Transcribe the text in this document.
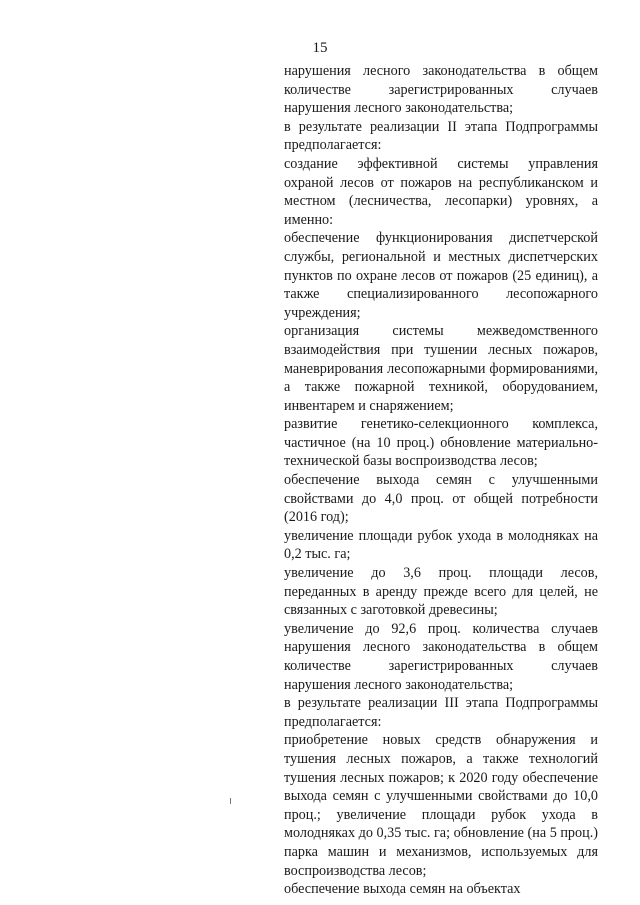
15

нарушения лесного законодательства в общем количестве зарегистрированных случаев нарушения лесного законодательства;

в результате реализации II этапа Подпрограммы предполагается:

создание эффективной системы управления охраной лесов от пожаров на республиканском и местном (лесничества, лесопарки) уровнях, а именно:

обеспечение функционирования диспетчерской службы, региональной и местных диспетчерских пунктов по охране лесов от пожаров (25 единиц), а также специализированного лесопожарного учреждения;

организация системы межведомственного взаимодействия при тушении лесных пожаров, маневрирования лесопожарными формированиями, а также пожарной техникой, оборудованием, инвентарем и снаряжением;

развитие генетико-селекционного комплекса, частичное (на 10 проц.) обновление материально-технической базы воспроизводства лесов;

обеспечение выхода семян с улучшенными свойствами до 4,0 проц. от общей потребности (2016 год);

увеличение площади рубок ухода в молодняках на 0,2 тыс. га;

увеличение до 3,6 проц. площади лесов, переданных в аренду прежде всего для целей, не связанных с заготовкой древесины;

увеличение до 92,6 проц. количества случаев нарушения лесного законодательства в общем количестве зарегистрированных случаев нарушения лесного законодательства;

в результате реализации III этапа Подпрограммы предполагается:

приобретение новых средств обнаружения и тушения лесных пожаров, а также технологий тушения лесных пожаров; к 2020 году обеспечение выхода семян с улучшенными свойствами до 10,0 проц.; увеличение площади рубок ухода в молодняках до 0,35 тыс. га; обновление (на 5 проц.) парка машин и механизмов, используемых для воспроизводства лесов;

обеспечение выхода семян на объектах
